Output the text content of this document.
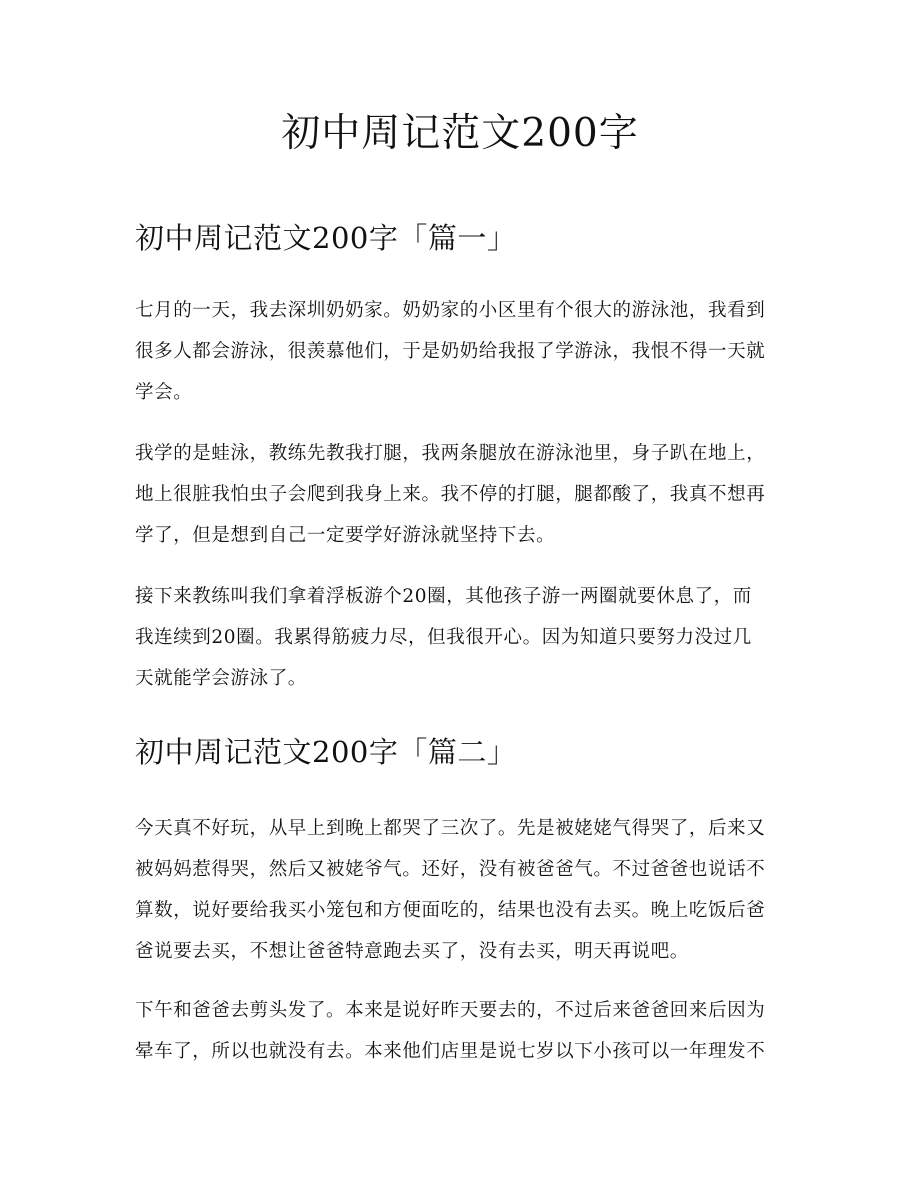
初中周记范文200字
初中周记范文200字「篇一」

七月的一天，我去深圳奶奶家。奶奶家的小区里有个很大的游泳池，我看到
很多人都会游泳，很羡慕他们，于是奶奶给我报了学游泳，我恨不得一天就
学会。

我学的是蛙泳，教练先教我打腿，我两条腿放在游泳池里，身子趴在地上，
地上很脏我怕虫子会爬到我身上来。我不停的打腿，腿都酸了，我真不想再
学了，但是想到自己一定要学好游泳就坚持下去。

接下来教练叫我们拿着浮板游个20圈，其他孩子游一两圈就要休息了，而
我连续到20圈。我累得筋疲力尽，但我很开心。因为知道只要努力没过几
天就能学会游泳了。

初中周记范文200字「篇二」

今天真不好玩，从早上到晚上都哭了三次了。先是被姥姥气得哭了，后来又
被妈妈惹得哭，然后又被姥爷气。还好，没有被爸爸气。不过爸爸也说话不
算数，说好要给我买小笼包和方便面吃的，结果也没有去买。晚上吃饭后爸
爸说要去买，不想让爸爸特意跑去买了，没有去买，明天再说吧。

下午和爸爸去剪头发了。本来是说好昨天要去的，不过后来爸爸回来后因为
晕车了，所以也就没有去。本来他们店里是说七岁以下小孩可以一年理发不
